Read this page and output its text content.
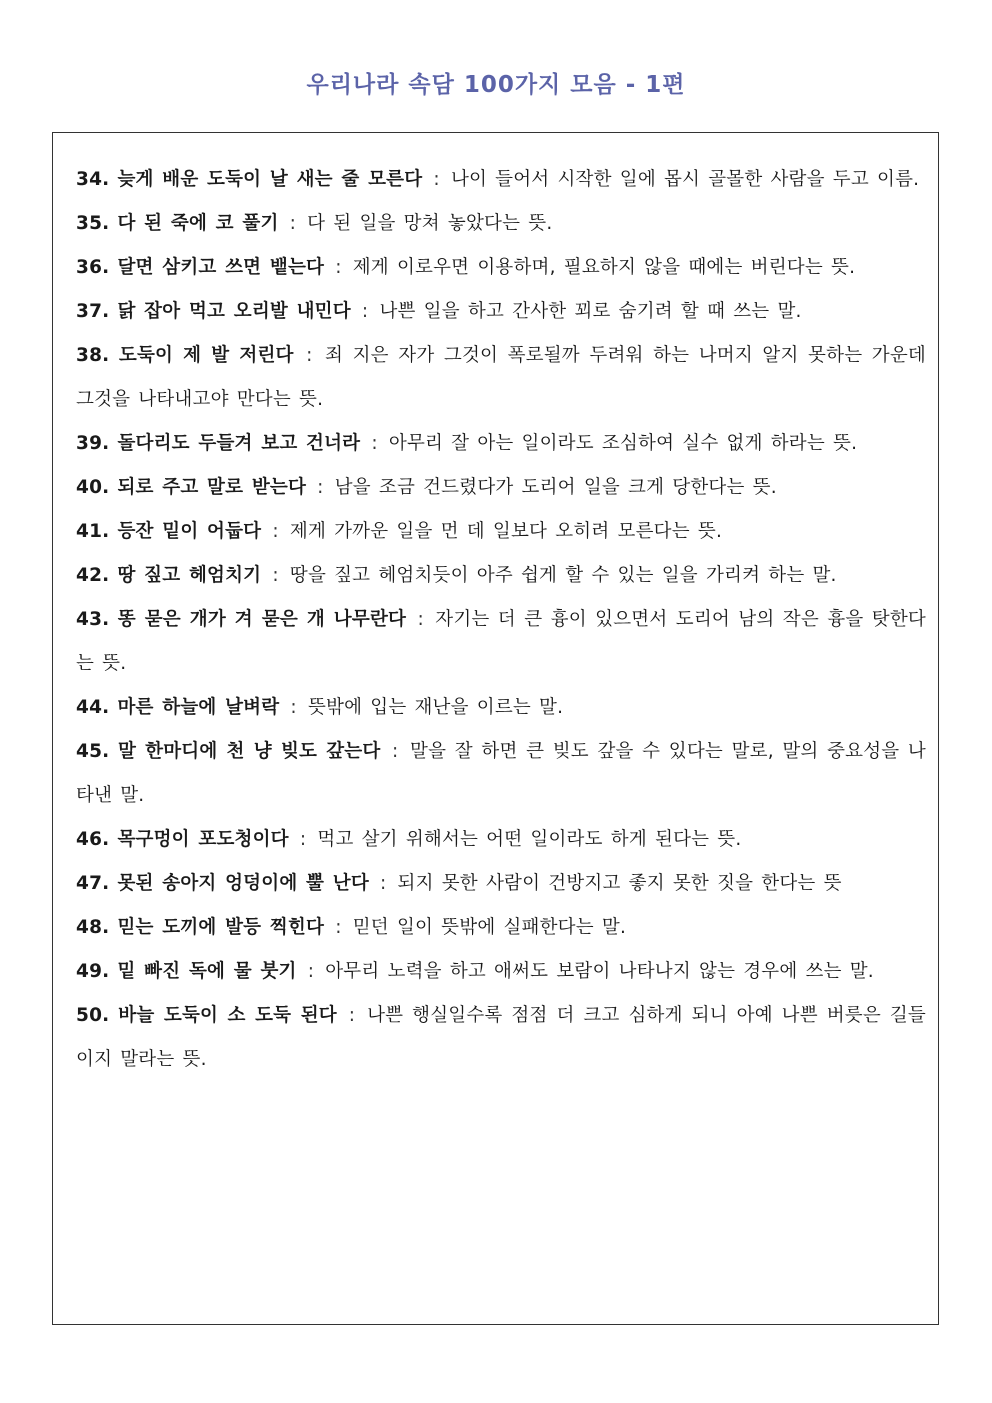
우리나라 속담 100가지 모음 - 1편
34. 늦게 배운 도둑이 날 새는 줄 모른다 : 나이 들어서 시작한 일에 몹시 골몰한 사람을 두고 이름.
35. 다 된 죽에 코 풀기 : 다 된 일을 망쳐 놓았다는 뜻.
36. 달면 삼키고 쓰면 뱉는다 : 제게 이로우면 이용하며, 필요하지 않을 때에는 버린다는 뜻.
37. 닭 잡아 먹고 오리발 내민다 : 나쁜 일을 하고 간사한 꾀로 숨기려 할 때 쓰는 말.
38. 도둑이 제 발 저린다 : 죄 지은 자가 그것이 폭로될까 두려워 하는 나머지 알지 못하는 가운데 그것을 나타내고야 만다는 뜻.
39. 돌다리도 두들겨 보고 건너라 : 아무리 잘 아는 일이라도 조심하여 실수 없게 하라는 뜻.
40. 되로 주고 말로 받는다 : 남을 조금 건드렸다가 도리어 일을 크게 당한다는 뜻.
41. 등잔 밑이 어둡다 : 제게 가까운 일을 먼 데 일보다 오히려 모른다는 뜻.
42. 땅 짚고 헤엄치기 : 땅을 짚고 헤엄치듯이 아주 쉽게 할 수 있는 일을 가리켜 하는 말.
43. 똥 묻은 개가 겨 묻은 개 나무란다 : 자기는 더 큰 흉이 있으면서 도리어 남의 작은 흉을 탓한다는 뜻.
44. 마른 하늘에 날벼락 : 뜻밖에 입는 재난을 이르는 말.
45. 말 한마디에 천 냥 빚도 갚는다 : 말을 잘 하면 큰 빚도 갚을 수 있다는 말로, 말의 중요성을 나타낸 말.
46. 목구멍이 포도청이다 : 먹고 살기 위해서는 어떤 일이라도 하게 된다는 뜻.
47. 못된 송아지 엉덩이에 뿔 난다 : 되지 못한 사람이 건방지고 좋지 못한 짓을 한다는 뜻
48. 믿는 도끼에 발등 찍힌다 : 믿던 일이 뜻밖에 실패한다는 말.
49. 밑 빠진 독에 물 붓기 : 아무리 노력을 하고 애써도 보람이 나타나지 않는 경우에 쓰는 말.
50. 바늘 도둑이 소 도둑 된다 : 나쁜 행실일수록 점점 더 크고 심하게 되니 아예 나쁜 버릇은 길들이지 말라는 뜻.
